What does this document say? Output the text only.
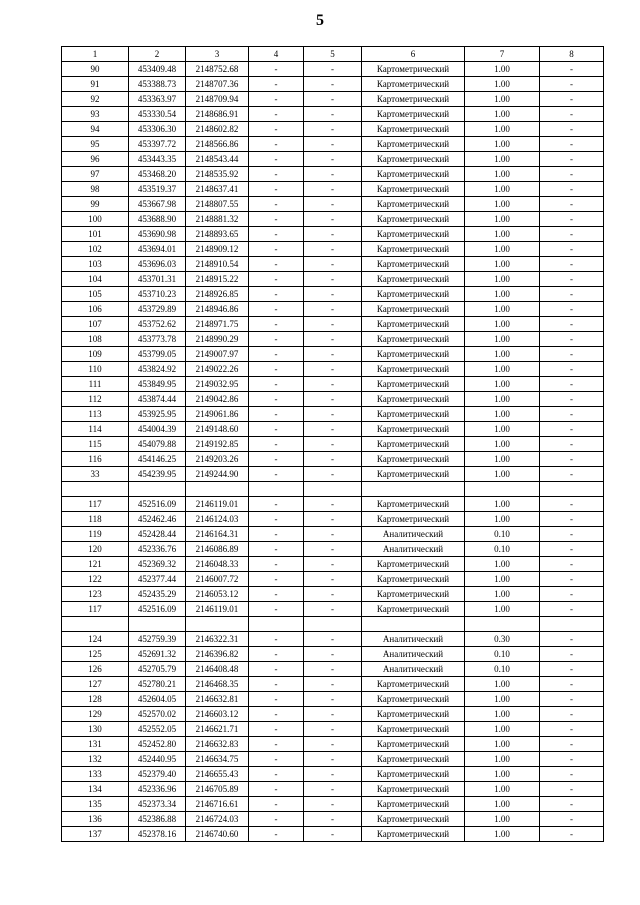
5
1	2	3	4	5	6	7	8
90	453409.48	2148752.68	-	-	Картометрический	1.00	-
91	453388.73	2148707.36	-	-	Картометрический	1.00	-
92	453363.97	2148709.94	-	-	Картометрический	1.00	-
93	453330.54	2148686.91	-	-	Картометрический	1.00	-
94	453306.30	2148602.82	-	-	Картометрический	1.00	-
95	453397.72	2148566.86	-	-	Картометрический	1.00	-
96	453443.35	2148543.44	-	-	Картометрический	1.00	-
97	453468.20	2148535.92	-	-	Картометрический	1.00	-
98	453519.37	2148637.41	-	-	Картометрический	1.00	-
99	453667.98	2148807.55	-	-	Картометрический	1.00	-
100	453688.90	2148881.32	-	-	Картометрический	1.00	-
101	453690.98	2148893.65	-	-	Картометрический	1.00	-
102	453694.01	2148909.12	-	-	Картометрический	1.00	-
103	453696.03	2148910.54	-	-	Картометрический	1.00	-
104	453701.31	2148915.22	-	-	Картометрический	1.00	-
105	453710.23	2148926.85	-	-	Картометрический	1.00	-
106	453729.89	2148946.86	-	-	Картометрический	1.00	-
107	453752.62	2148971.75	-	-	Картометрический	1.00	-
108	453773.78	2148990.29	-	-	Картометрический	1.00	-
109	453799.05	2149007.97	-	-	Картометрический	1.00	-
110	453824.92	2149022.26	-	-	Картометрический	1.00	-
111	453849.95	2149032.95	-	-	Картометрический	1.00	-
112	453874.44	2149042.86	-	-	Картометрический	1.00	-
113	453925.95	2149061.86	-	-	Картометрический	1.00	-
114	454004.39	2149148.60	-	-	Картометрический	1.00	-
115	454079.88	2149192.85	-	-	Картометрический	1.00	-
116	454146.25	2149203.26	-	-	Картометрический	1.00	-
33	454239.95	2149244.90	-	-	Картометрический	1.00	-

117	452516.09	2146119.01	-	-	Картометрический	1.00	-
118	452462.46	2146124.03	-	-	Картометрический	1.00	-
119	452428.44	2146164.31	-	-	Аналитический	0.10	-
120	452336.76	2146086.89	-	-	Аналитический	0.10	-
121	452369.32	2146048.33	-	-	Картометрический	1.00	-
122	452377.44	2146007.72	-	-	Картометрический	1.00	-
123	452435.29	2146053.12	-	-	Картометрический	1.00	-
117	452516.09	2146119.01	-	-	Картометрический	1.00	-

124	452759.39	2146322.31	-	-	Аналитический	0.30	-
125	452691.32	2146396.82	-	-	Аналитический	0.10	-
126	452705.79	2146408.48	-	-	Аналитический	0.10	-
127	452780.21	2146468.35	-	-	Картометрический	1.00	-
128	452604.05	2146632.81	-	-	Картометрический	1.00	-
129	452570.02	2146603.12	-	-	Картометрический	1.00	-
130	452552.05	2146621.71	-	-	Картометрический	1.00	-
131	452452.80	2146632.83	-	-	Картометрический	1.00	-
132	452440.95	2146634.75	-	-	Картометрический	1.00	-
133	452379.40	2146655.43	-	-	Картометрический	1.00	-
134	452336.96	2146705.89	-	-	Картометрический	1.00	-
135	452373.34	2146716.61	-	-	Картометрический	1.00	-
136	452386.88	2146724.03	-	-	Картометрический	1.00	-
137	452378.16	2146740.60	-	-	Картометрический	1.00	-
